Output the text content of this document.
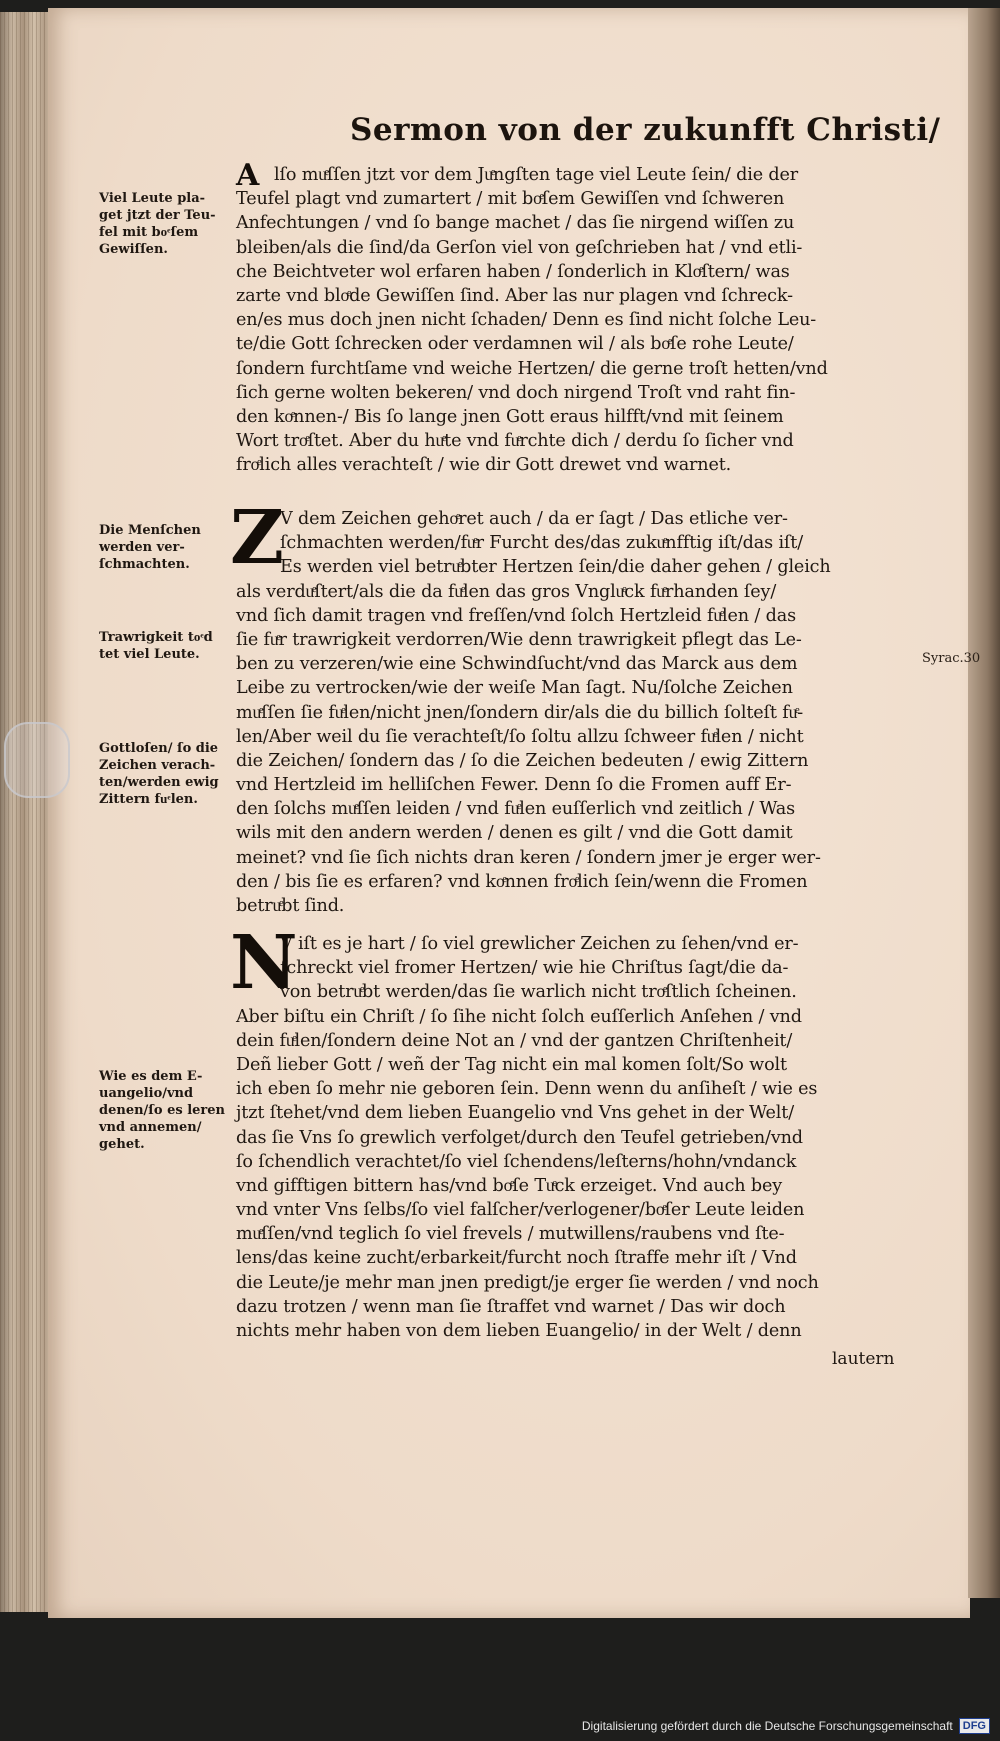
Sermon von der zukunfft Christi/
lſo muͤſſen jtzt vor dem Juͤngſten tage viel Leute ſein/ die der
Teufel plagt vnd zumartert / mit boͤſem Gewiſſen vnd ſchweren
Anfechtungen / vnd ſo bange machet / das ſie nirgend wiſſen zu
bleiben/als die ſind/da Gerſon viel von geſchrieben hat / vnd etli-
che Beichtveter wol erfaren haben / ſonderlich in Kloͤſtern/ was
zarte vnd bloͤde Gewiſſen ſind. Aber las nur plagen vnd ſchreck-
en/es mus doch jnen nicht ſchaden/ Denn es ſind nicht ſolche Leu-
te/die Gott ſchrecken oder verdamnen wil / als boͤſe rohe Leute/
ſondern furchtſame vnd weiche Hertzen/ die gerne troſt hetten/vnd
ſich gerne wolten bekeren/ vnd doch nirgend Troſt vnd raht fin-
den koͤnnen-/ Bis ſo lange jnen Gott eraus hilfft/vnd mit ſeinem
Wort troͤſtet. Aber du huͤte vnd fuͤrchte dich / derdu ſo ſicher vnd
froͤlich alles verachteſt / wie dir Gott drewet vnd warnet.
A
V dem Zeichen gehoͤret auch / da er ſagt / Das etliche ver-
ſchmachten werden/fuͤr Furcht des/das zukuͤnfftig iſt/das iſt/
Es werden viel betruͤbter Hertzen ſein/die daher gehen / gleich
als verduͤſtert/als die da fuͤlen das gros Vngluͤck fuͤrhanden ſey/
vnd ſich damit tragen vnd freſſen/vnd ſolch Hertzleid fuͤlen / das
ſie fuͤr trawrigkeit verdorren/Wie denn trawrigkeit pflegt das Le-
ben zu verzeren/wie eine Schwindſucht/vnd das Marck aus dem
Leibe zu vertrocken/wie der weiſe Man ſagt. Nu/ſolche Zeichen
muͤſſen ſie fuͤlen/nicht jnen/ſondern dir/als die du billich ſolteſt fuͤ-
len/Aber weil du ſie verachteſt/ſo ſoltu allzu ſchweer fuͤlen / nicht
die Zeichen/ ſondern das / ſo die Zeichen bedeuten / ewig Zittern
vnd Hertzleid im helliſchen Fewer. Denn ſo die Fromen auff Er-
den ſolchs muͤſſen leiden / vnd fuͤlen euſſerlich vnd zeitlich / Was
wils mit den andern werden / denen es gilt / vnd die Gott damit
meinet? vnd ſie ſich nichts dran keren / ſondern jmer je erger wer-
den / bis ſie es erfaren? vnd koͤnnen froͤlich ſein/wenn die Fromen
betruͤbt ſind.
Z
V iſt es je hart / ſo viel grewlicher Zeichen zu ſehen/vnd er-
ſchreckt viel fromer Hertzen/ wie hie Chriſtus ſagt/die da-
von betruͤbt werden/das ſie warlich nicht troͤſtlich ſcheinen.
Aber biſtu ein Chriſt / ſo ſihe nicht ſolch euſſerlich Anſehen / vnd
dein fuͤlen/ſondern deine Not an / vnd der gantzen Chriſtenheit/
Deñ lieber Gott / weñ der Tag nicht ein mal komen ſolt/So wolt
ich eben ſo mehr nie geboren ſein. Denn wenn du anſiheſt / wie es
jtzt ſtehet/vnd dem lieben Euangelio vnd Vns gehet in der Welt/
das ſie Vns ſo grewlich verfolget/durch den Teufel getrieben/vnd
ſo ſchendlich verachtet/ſo viel ſchendens/leſterns/hohn/vndanck
vnd gifftigen bittern has/vnd boͤſe Tuͤck erzeiget. Vnd auch bey
vnd vnter Vns ſelbs/ſo viel falſcher/verlogener/boͤſer Leute leiden
muͤſſen/vnd teglich ſo viel frevels / mutwillens/raubens vnd ſte-
lens/das keine zucht/erbarkeit/furcht noch ſtraffe mehr iſt / Vnd
die Leute/je mehr man jnen predigt/je erger ſie werden / vnd noch
dazu trotzen / wenn man ſie ſtraffet vnd warnet / Das wir doch
nichts mehr haben von dem lieben Euangelio/ in der Welt / denn
N
Viel Leute pla-
get jtzt der Teu-
fel mit boͤſem
Gewiſſen.
Die Menſchen
werden ver-
ſchmachten.
Trawrigkeit toͤd
tet viel Leute.
Gottloſen/ ſo die
Zeichen verach-
ten/werden ewig
Zittern fuͤlen.
Wie es dem E-
uangelio/vnd
denen/ſo es leren
vnd annemen/
gehet.
Syrac.30
lautern
Digitalisierung gefördert durch die Deutsche Forschungsgemeinschaft DFG
